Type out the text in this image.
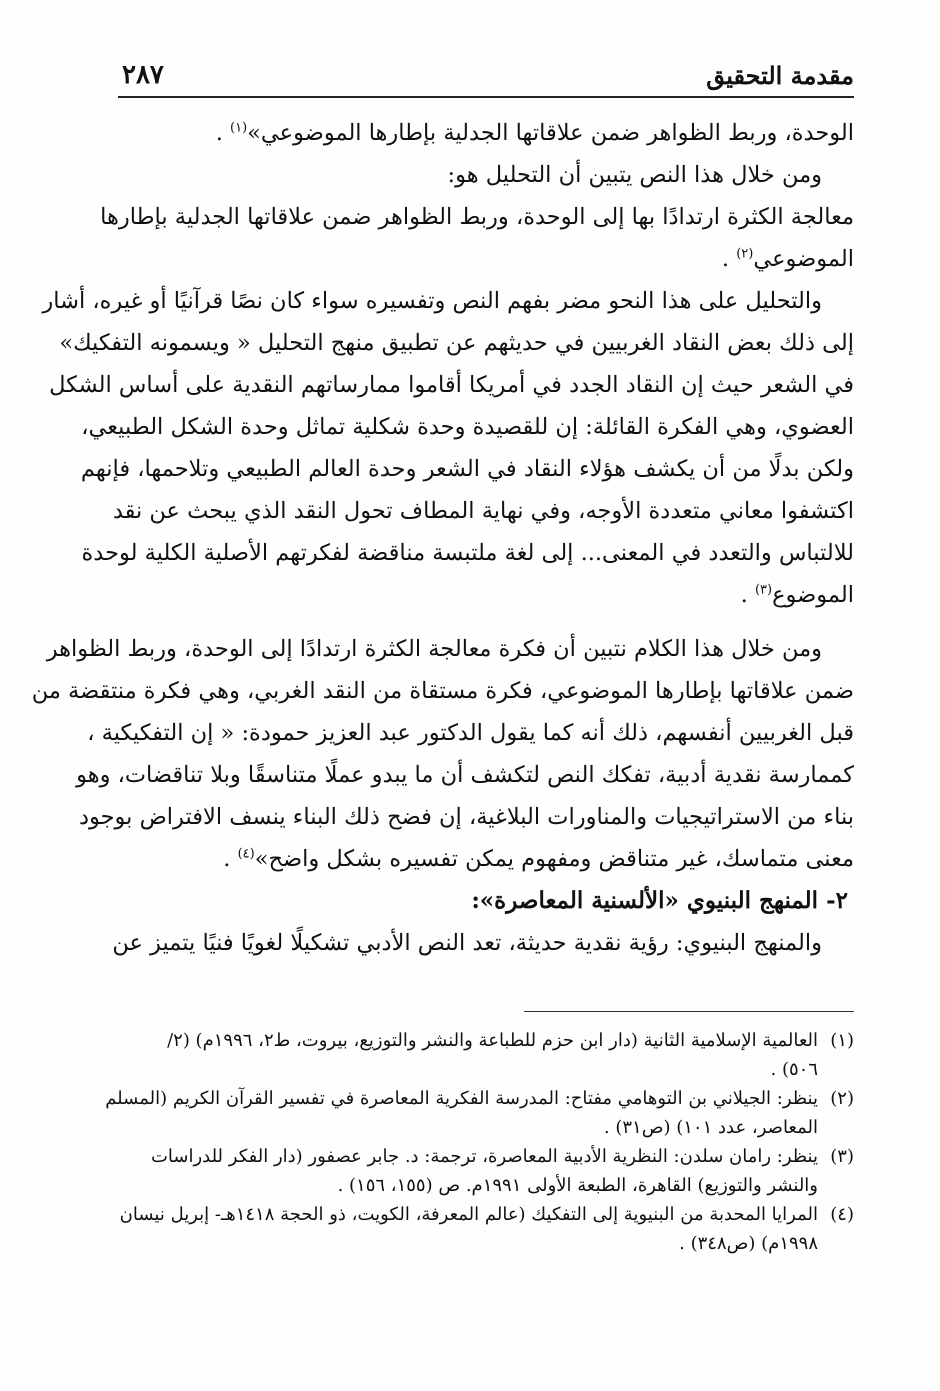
مقدمة التحقيق
٢٨٧
الوحدة، وربط الظواهر ضمن علاقاتها الجدلية بإطارها الموضوعي»$^{(١)}$ .
ومن خلال هذا النص يتبين أن التحليل هو:
معالجة الكثرة ارتدادًا بها إلى الوحدة، وربط الظواهر ضمن علاقاتها الجدلية بإطارها
الموضوعي$^{(٢)}$ .
والتحليل على هذا النحو مضر بفهم النص وتفسيره سواء كان نصًا قرآنيًا أو غيره، أشار
إلى ذلك بعض النقاد الغربيين في حديثهم عن تطبيق منهج التحليل « ويسمونه التفكيك»
في الشعر حيث إن النقاد الجدد في أمريكا أقاموا ممارساتهم النقدية على أساس الشكل
العضوي، وهي الفكرة القائلة: إن للقصيدة وحدة شكلية تماثل وحدة الشكل الطبيعي،
ولكن بدلًا من أن يكشف هؤلاء النقاد في الشعر وحدة العالم الطبيعي وتلاحمها، فإنهم
اكتشفوا معاني متعددة الأوجه، وفي نهاية المطاف تحول النقد الذي يبحث عن نقد
للالتباس والتعدد في المعنى... إلى لغة ملتبسة مناقضة لفكرتهم الأصلية الكلية لوحدة
الموضوع$^{(٣)}$ .
ومن خلال هذا الكلام نتبين أن فكرة معالجة الكثرة ارتدادًا إلى الوحدة، وربط الظواهر
ضمن علاقاتها بإطارها الموضوعي، فكرة مستقاة من النقد الغربي، وهي فكرة منتقضة من
قبل الغربيين أنفسهم، ذلك أنه كما يقول الدكتور عبد العزيز حمودة: « إن التفكيكية ،
كممارسة نقدية أدبية، تفكك النص لتكشف أن ما يبدو عملًا متناسقًا وبلا تناقضات، وهو
بناء من الاستراتيجيات والمناورات البلاغية، إن فضح ذلك البناء ينسف الافتراض بوجود
معنى متماسك، غير متناقض ومفهوم يمكن تفسيره بشكل واضح»$^{(٤)}$ .
٢- المنهج البنيوي «الألسنية المعاصرة»:
والمنهج البنيوي: رؤية نقدية حديثة، تعد النص الأدبي تشكيلًا لغويًا فنيًا يتميز عن
(١)
العالمية الإسلامية الثانية (دار ابن حزم للطباعة والنشر والتوزيع، بيروت، ط٢، ١٩٩٦م) (٢/
٥٠٦) .
(٢)
ينظر: الجيلاني بن التوهامي مفتاح: المدرسة الفكرية المعاصرة في تفسير القرآن الكريم (المسلم
المعاصر، عدد ١٠١) (ص٣١) .
(٣)
ينظر: رامان سلدن: النظرية الأدبية المعاصرة، ترجمة: د. جابر عصفور (دار الفكر للدراسات
والنشر والتوزيع) القاهرة، الطبعة الأولى ١٩٩١م. ص (١٥٥، ١٥٦) .
(٤)
المرايا المحدبة من البنيوية إلى التفكيك (عالم المعرفة، الكويت، ذو الحجة ١٤١٨هـ- إبريل نيسان
١٩٩٨م) (ص٣٤٨) .
